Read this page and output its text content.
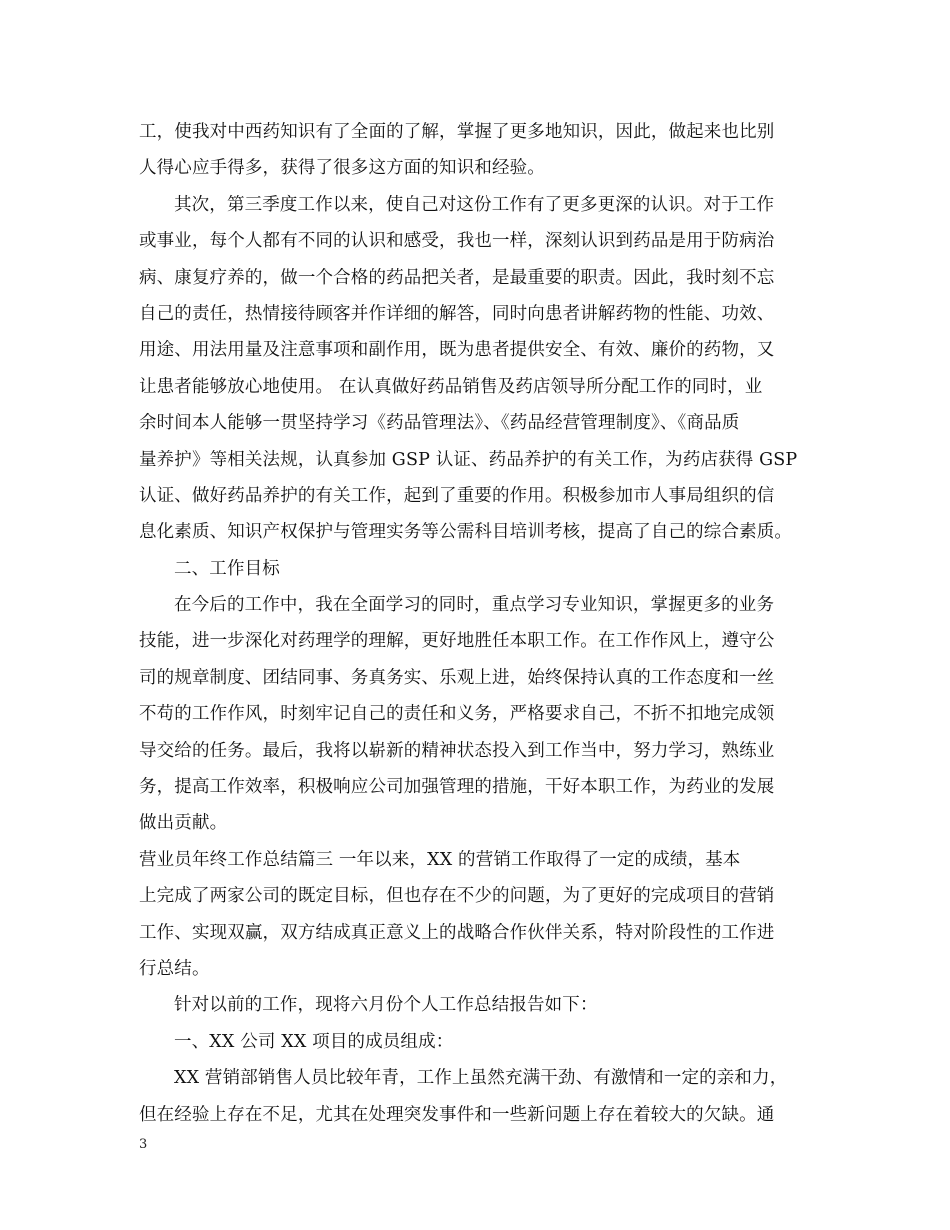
工，使我对中西药知识有了全面的了解，掌握了更多地知识，因此，做起来也比别
人得心应手得多，获得了很多这方面的知识和经验。
其次，第三季度工作以来，使自己对这份工作有了更多更深的认识。对于工作
或事业，每个人都有不同的认识和感受，我也一样，深刻认识到药品是用于防病治
病、康复疗养的，做一个合格的药品把关者，是最重要的职责。因此，我时刻不忘
自己的责任，热情接待顾客并作详细的解答，同时向患者讲解药物的性能、功效、
用途、用法用量及注意事项和副作用，既为患者提供安全、有效、廉价的药物，又
让患者能够放心地使用。 在认真做好药品销售及药店领导所分配工作的同时，业
余时间本人能够一贯坚持学习《药品管理法》、《药品经营管理制度》、《商品质
量养护》等相关法规，认真参加 GSP 认证、药品养护的有关工作，为药店获得 GSP
认证、做好药品养护的有关工作，起到了重要的作用。积极参加市人事局组织的信
息化素质、知识产权保护与管理实务等公需科目培训考核，提高了自己的综合素质。
二、工作目标
在今后的工作中，我在全面学习的同时，重点学习专业知识，掌握更多的业务
技能，进一步深化对药理学的理解，更好地胜任本职工作。在工作作风上，遵守公
司的规章制度、团结同事、务真务实、乐观上进，始终保持认真的工作态度和一丝
不苟的工作作风，时刻牢记自己的责任和义务，严格要求自己，不折不扣地完成领
导交给的任务。最后，我将以崭新的精神状态投入到工作当中，努力学习，熟练业
务，提高工作效率，积极响应公司加强管理的措施，干好本职工作，为药业的发展
做出贡献。
营业员年终工作总结篇三 一年以来，XX 的营销工作取得了一定的成绩，基本
上完成了两家公司的既定目标，但也存在不少的问题，为了更好的完成项目的营销
工作、实现双赢，双方结成真正意义上的战略合作伙伴关系，特对阶段性的工作进
行总结。
针对以前的工作，现将六月份个人工作总结报告如下：
一、XX 公司 XX 项目的成员组成：
XX 营销部销售人员比较年青，工作上虽然充满干劲、有激情和一定的亲和力，
但在经验上存在不足，尤其在处理突发事件和一些新问题上存在着较大的欠缺。通
3
